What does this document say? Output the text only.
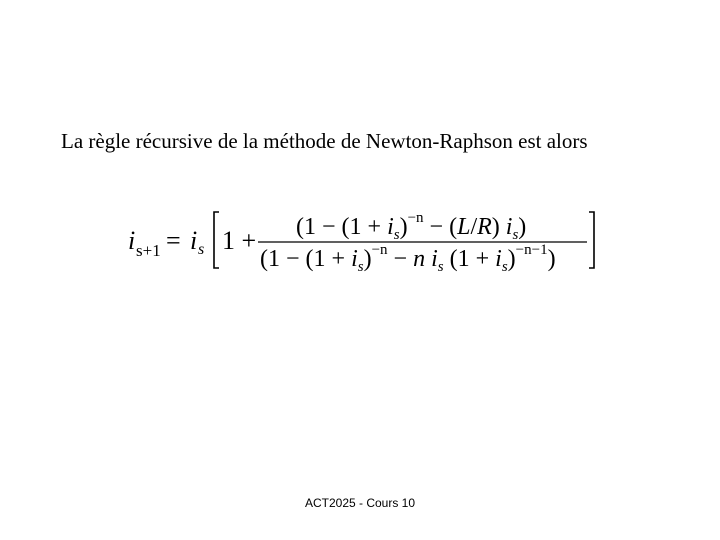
La règle récursive de la méthode de Newton-Raphson est alors
i s+1 = i s $1 + (1 - (1 + i_s)^{-n} - (L/R)$ $i_s$)
($1 - (1 + i_s)^{-n} - n$ $i_s$ $(1 + i_s)^{-n-1}$)
ACT2025 - Cours 10
